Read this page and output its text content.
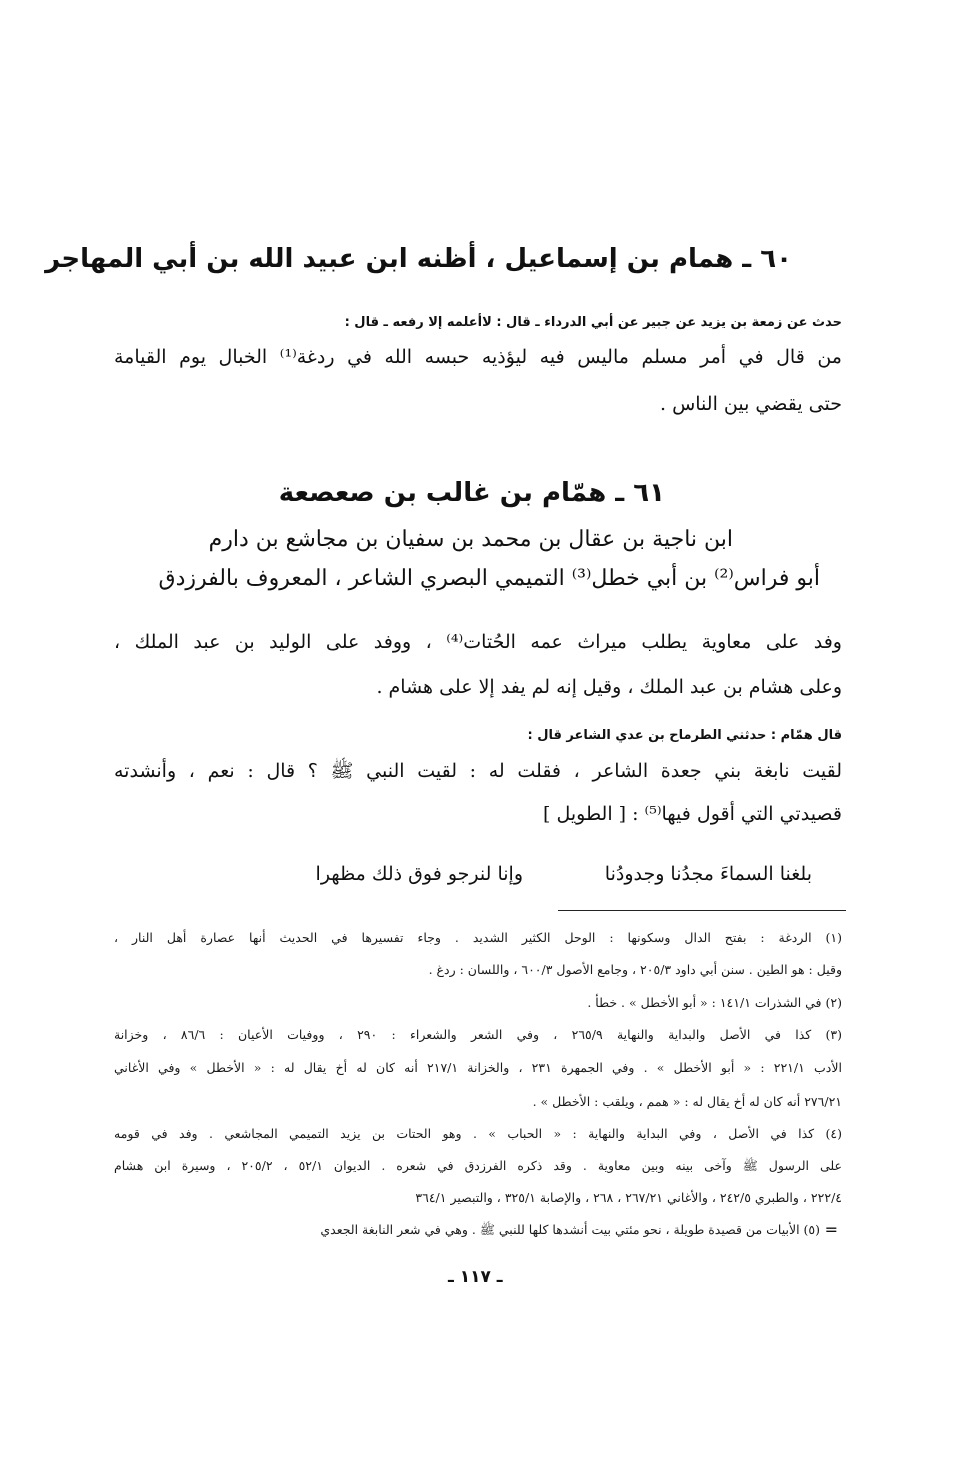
٦٠ ـ همام بن إسماعيل ، أظنه ابن عبيد الله بن أبي المهاجر
حدث عن زمعة بن يزيد عن جبير عن أبي الدرداء ـ قال : لاأعلمه إلا رفعه ـ قال :
من قال في أمر مسلم ماليس فيه ليؤذيه حبسه الله في ردغة⁽¹⁾ الخبال يوم القيامة
حتى يقضي بين الناس .
٦١ ـ همّام بن غالب بن صعصعة
ابن ناجية بن عقال بن محمد بن سفيان بن مجاشع بن دارم
أبو فراس⁽²⁾ بن أبي خطل⁽³⁾ التميمي البصري الشاعر ، المعروف بالفرزدق
وفد على معاوية يطلب ميراث عمه الحُتات⁽⁴⁾ ، ووفد على الوليد بن عبد الملك ،
وعلى هشام بن عبد الملك ، وقيل إنه لم يفد إلا على هشام .
قال همّام : حدثني الطرماح بن عدي الشاعر قال :
لقيت نابغة بني جعدة الشاعر ، فقلت له : لقيت النبي ﷺ ؟ قال : نعم ، وأنشدته
قصيدتي التي أقول فيها⁽⁵⁾ : [ الطويل ]
بلغنا السماءَ مجدُنا وجدودُنا
وإنا لنرجو فوق ذلك مظهرا
(١) الردغة : بفتح الدال وسكونها : الوحل الكثير الشديد . وجاء تفسيرها في الحديث أنها عصارة أهل النار ،
وقيل : هو الطين . سنن أبي داود ٢٠٥/٣ ، وجامع الأصول ٦٠٠/٣ ، واللسان : ردغ .
(٢) في الشذرات ١٤١/١ : « أبو الأخطل » . خطأ .
(٣) كذا في الأصل والبداية والنهاية ٢٦٥/٩ ، وفي الشعر والشعراء : ٢٩٠ ، ووفيات الأعيان : ٨٦/٦ ، وخزانة
الأدب ٢٢١/١ : « أبو الأخطل » . وفي الجمهرة ٢٣١ ، والخزانة ٢١٧/١ أنه كان له أخ يقال له : « الأخطل » وفي الأغاني
٢٧٦/٢١ أنه كان له أخ يقال له : « همم ، ويلقب : الأخطل » .
(٤) كذا في الأصل ، وفي البداية والنهاية : « الحباب » . وهو الحتات بن يزيد التميمي المجاشعي . وفد في قومه
على الرسول ﷺ وآخى بينه وبين معاوية . وقد ذكره الفرزدق في شعره . الديوان ٥٢/١ ، ٢٠٥/٢ ، وسيرة ابن هشام
٢٢٢/٤ ، والطبري ٢٤٢/٥ ، والأغاني ٢٦٧/٢١ ، ٢٦٨ ، والإصابة ٣٢٥/١ ، والتبصير ٣٦٤/١
(٥) الأبيات من قصيدة طويلة ، نحو مئتي بيت أنشدها كلها للنبي ﷺ . وهي في شعر النابغة الجعدي =
ـ ١١٧ ـ
